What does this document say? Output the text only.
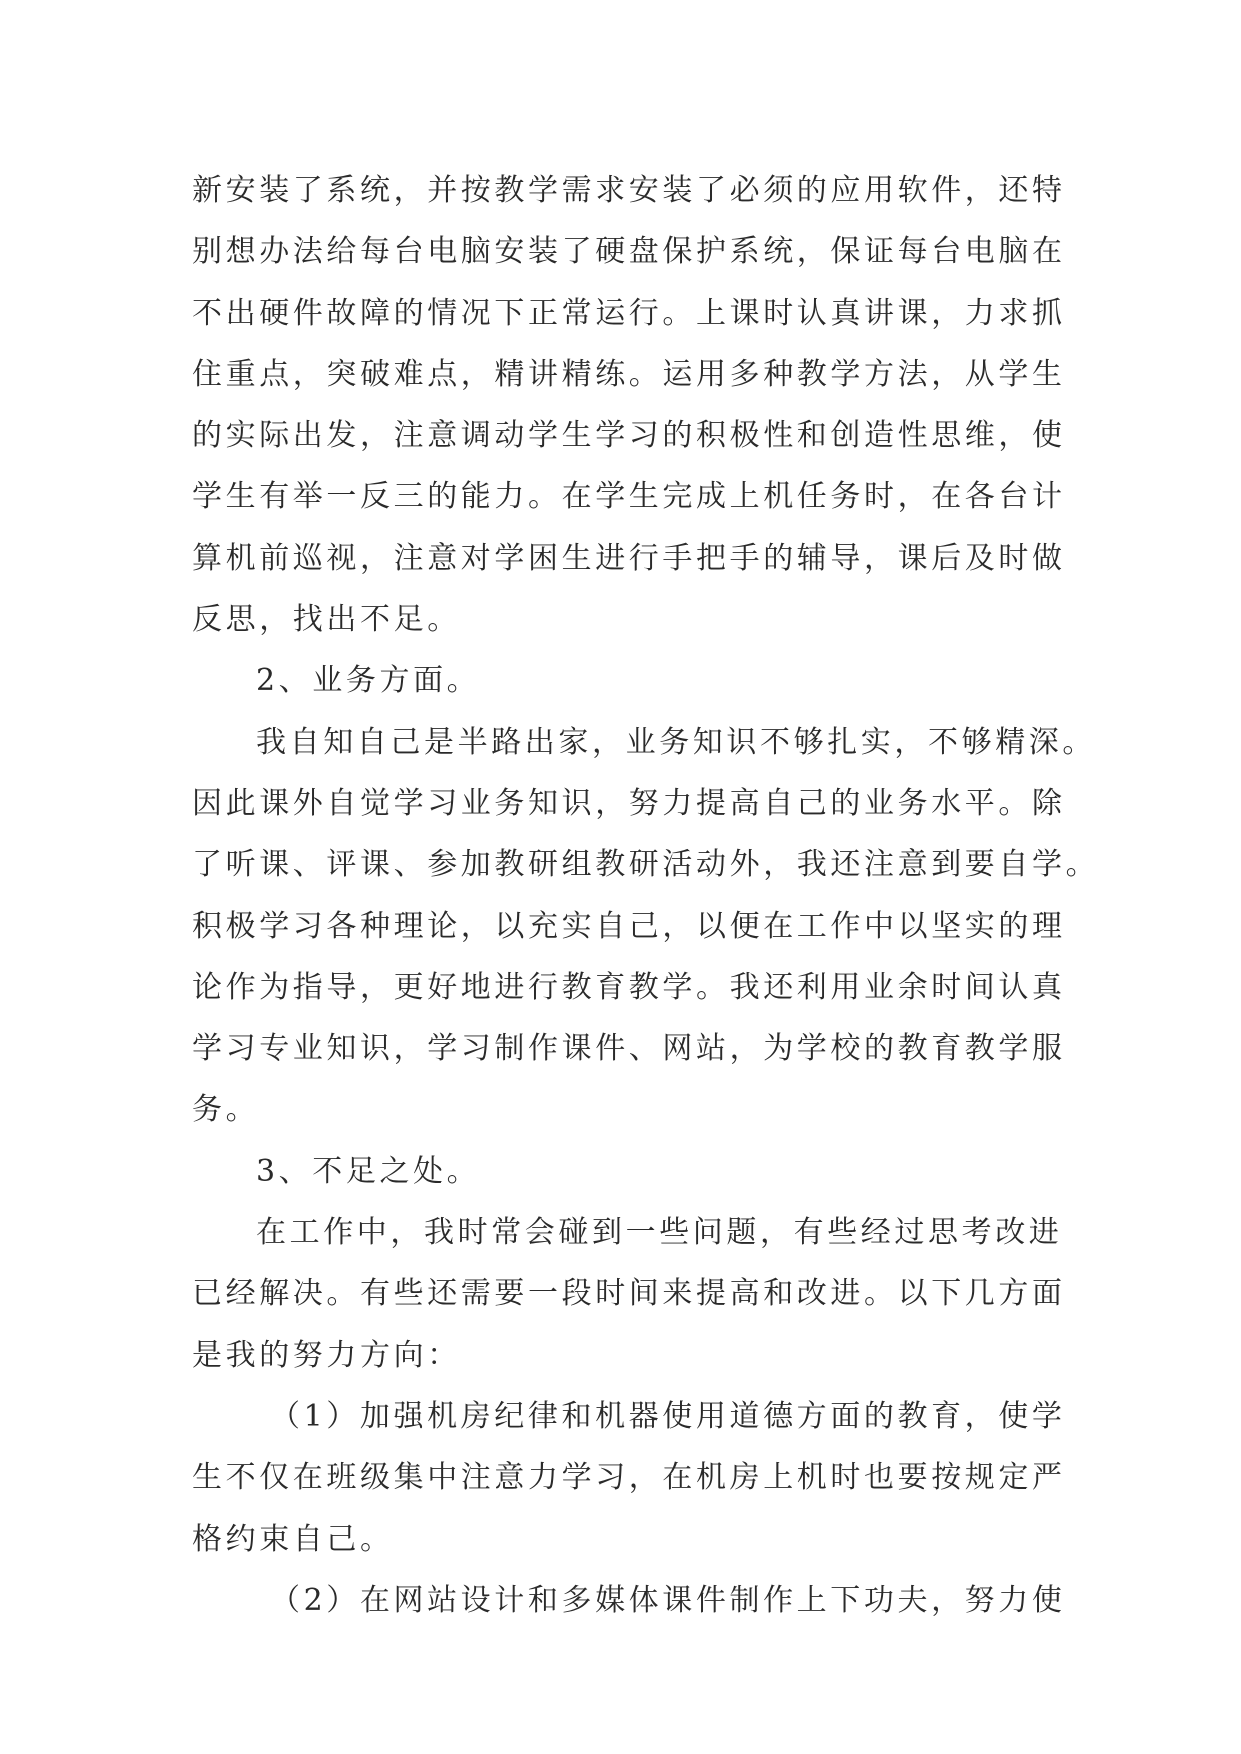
新安装了系统，并按教学需求安装了必须的应用软件，还特
别想办法给每台电脑安装了硬盘保护系统，保证每台电脑在
不出硬件故障的情况下正常运行。上课时认真讲课，力求抓
住重点，突破难点，精讲精练。运用多种教学方法，从学生
的实际出发，注意调动学生学习的积极性和创造性思维，使
学生有举一反三的能力。在学生完成上机任务时，在各台计
算机前巡视，注意对学困生进行手把手的辅导，课后及时做
反思，找出不足。
2、业务方面。
我自知自己是半路出家，业务知识不够扎实，不够精深。
因此课外自觉学习业务知识，努力提高自己的业务水平。除
了听课、评课、参加教研组教研活动外，我还注意到要自学。
积极学习各种理论，以充实自己，以便在工作中以坚实的理
论作为指导，更好地进行教育教学。我还利用业余时间认真
学习专业知识，学习制作课件、网站，为学校的教育教学服
务。
3、不足之处。
在工作中，我时常会碰到一些问题，有些经过思考改进
已经解决。有些还需要一段时间来提高和改进。以下几方面
是我的努力方向：
（1）加强机房纪律和机器使用道德方面的教育，使学
生不仅在班级集中注意力学习，在机房上机时也要按规定严
格约束自己。
（2）在网站设计和多媒体课件制作上下功夫，努力使
